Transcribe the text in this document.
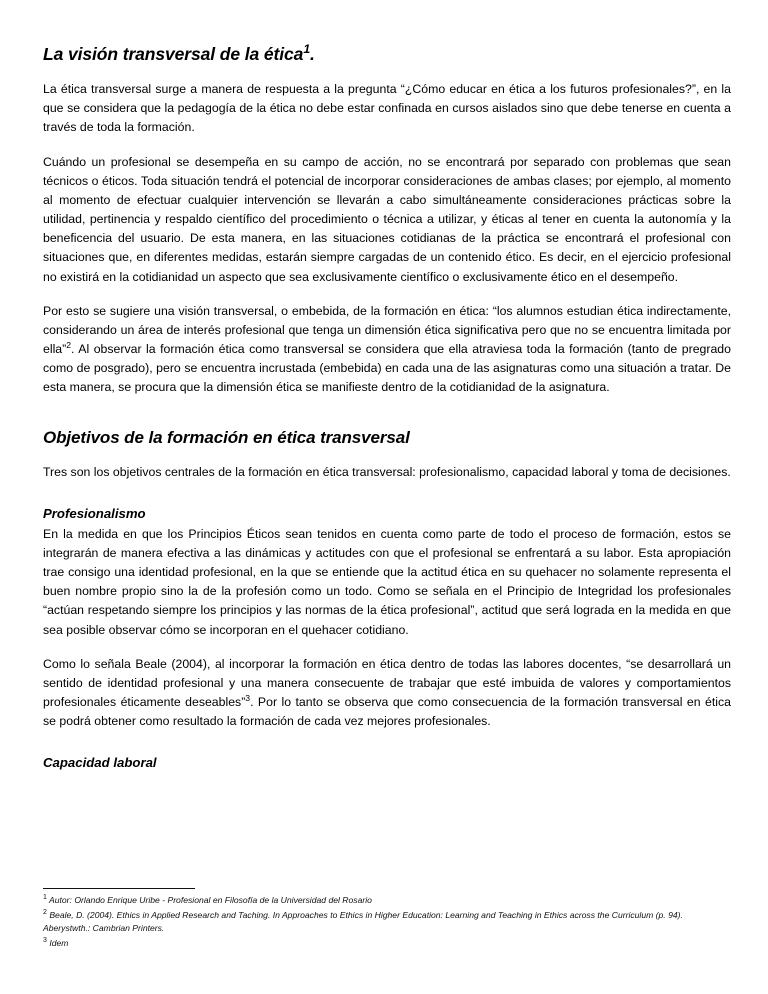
La visión transversal de la ética$^1$.

La ética transversal surge a manera de respuesta a la pregunta “¿Cómo educar en ética a los futuros profesionales?”, en la que se considera que la pedagogía de la ética no debe estar confinada en cursos aislados sino que debe tenerse en cuenta a través de toda la formación.

Cuándo un profesional se desempeña en su campo de acción, no se encontrará por separado con problemas que sean técnicos o éticos. Toda situación tendrá el potencial de incorporar consideraciones de ambas clases; por ejemplo, al momento al momento de efectuar cualquier intervención se llevarán a cabo simultáneamente consideraciones prácticas sobre la utilidad, pertinencia y respaldo científico del procedimiento o técnica a utilizar, y éticas al tener en cuenta la autonomía y la beneficencia del usuario. De esta manera, en las situaciones cotidianas de la práctica se encontrará el profesional con situaciones que, en diferentes medidas, estarán siempre cargadas de un contenido ético. Es decir, en el ejercicio profesional no existirá en la cotidianidad un aspecto que sea exclusivamente científico o exclusivamente ético en el desempeño.

Por esto se sugiere una visión transversal, o embebida, de la formación en ética: “los alumnos estudian ética indirectamente, considerando un área de interés profesional que tenga un dimensión ética significativa pero que no se encuentra limitada por ella”$^2$. Al observar la formación ética como transversal se considera que ella atraviesa toda la formación (tanto de pregrado como de posgrado), pero se encuentra incrustada (embebida) en cada una de las asignaturas como una situación a tratar. De esta manera, se procura que la dimensión ética se manifieste dentro de la cotidianidad de la asignatura.

Objetivos de la formación en ética transversal

Tres son los objetivos centrales de la formación en ética transversal: profesionalismo, capacidad laboral y toma de decisiones.

Profesionalismo

En la medida en que los Principios Éticos sean tenidos en cuenta como parte de todo el proceso de formación, estos se integrarán de manera efectiva a las dinámicas y actitudes con que el profesional se enfrentará a su labor. Esta apropiación trae consigo una identidad profesional, en la que se entiende que la actitud ética en su quehacer no solamente representa el buen nombre propio sino la de la profesión como un todo. Como se señala en el Principio de Integridad los profesionales “actúan respetando siempre los principios y las normas de la ética profesional”, actitud que será lograda en la medida en que sea posible observar cómo se incorporan en el quehacer cotidiano.

Como lo señala Beale (2004), al incorporar la formación en ética dentro de todas las labores docentes, “se desarrollará un sentido de identidad profesional y una manera consecuente de trabajar que esté imbuida de valores y comportamientos profesionales éticamente deseables”$^3$. Por lo tanto se observa que como consecuencia de la formación transversal en ética se podrá obtener como resultado la formación de cada vez mejores profesionales.

Capacidad laboral

$^1$ Autor: Orlando Enrique Uribe - Profesional en Filosofía de la Universidad del Rosario

$^2$ Beale, D. (2004). Ethics in Applied Research and Taching. In Approaches to Ethics in Higher Education: Learning and Teaching in Ethics across the Curriculum (p. 94). Aberystwth.: Cambrian Printers.

$^3$ Idem
